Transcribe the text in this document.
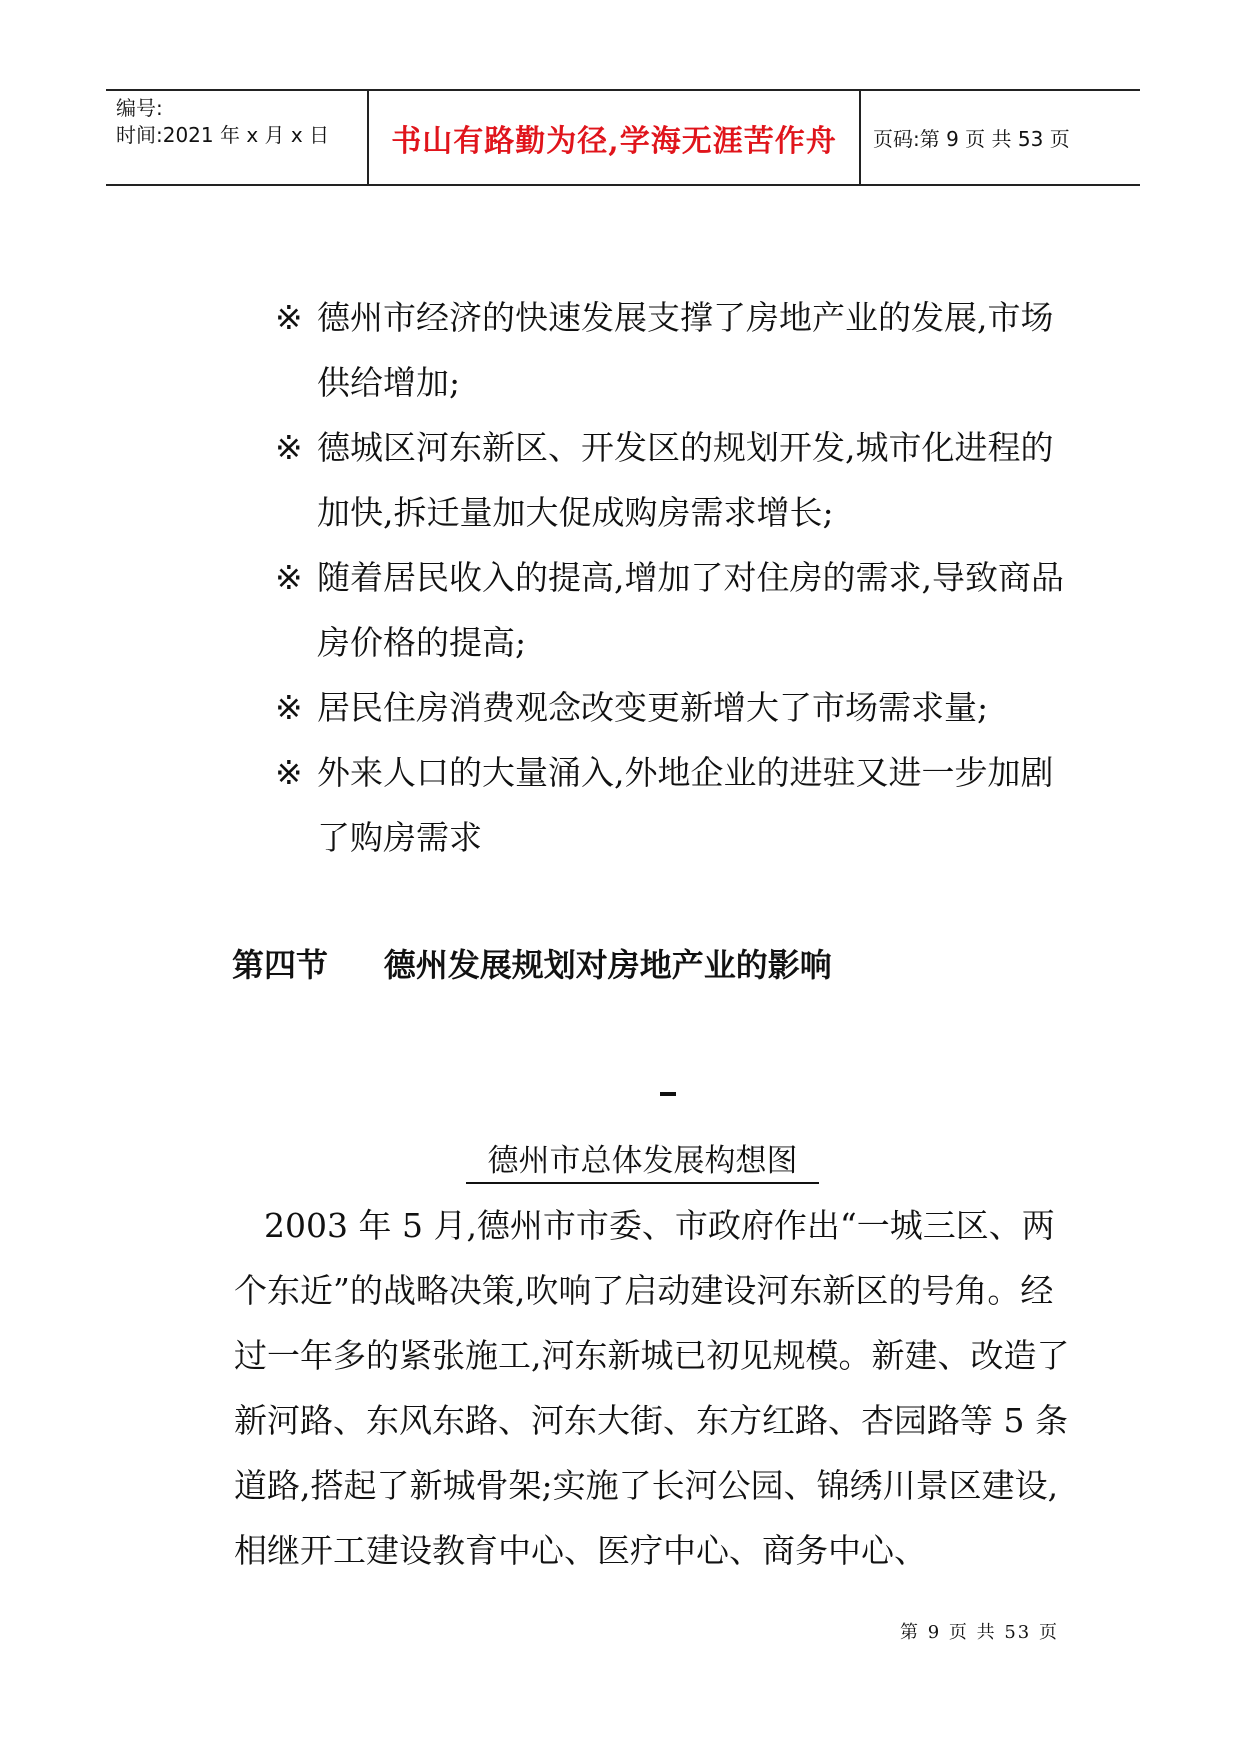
编号:
时间:2021 年 x 月 x 日	书山有路勤为径,学海无涯苦作舟	页码:第 9 页 共 53 页

※ 德州市经济的快速发展支撑了房地产业的发展,市场供给增加;

※ 德城区河东新区、开发区的规划开发,城市化进程的加快,拆迁量加大促成购房需求增长;

※ 随着居民收入的提高,增加了对住房的需求,导致商品房价格的提高;

※ 居民住房消费观念改变更新增大了市场需求量;

※ 外来人口的大量涌入,外地企业的进驻又进一步加剧了购房需求

第四节     德州发展规划对房地产业的影响
德州市总体发展构想图

2003 年 5 月,德州市市委、市政府作出“一城三区、两个东近”的战略决策,吹响了启动建设河东新区的号角。经过一年多的紧张施工,河东新城已初见规模。新建、改造了新河路、东风东路、河东大街、东方红路、杏园路等 5 条道路,搭起了新城骨架;实施了长河公园、锦绣川景区建设,相继开工建设教育中心、医疗中心、商务中心、

第 9 页 共 53 页
